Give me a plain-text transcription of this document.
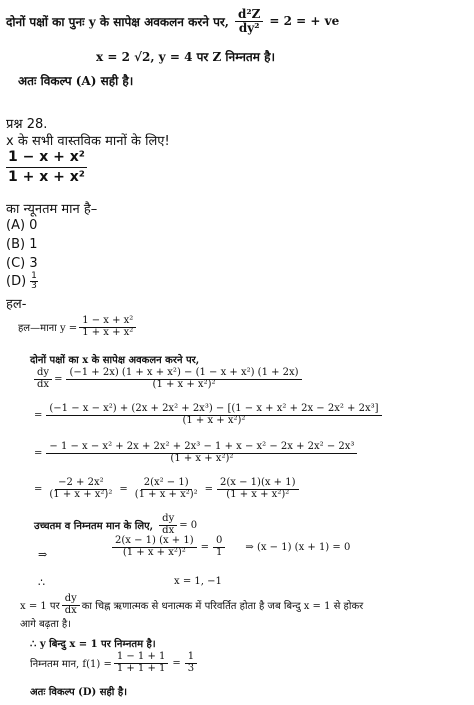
दोनों पक्षों का पुनः y के सापेक्ष अवकलन करने पर, $\frac{\text{d²Z}}{\text{dy²}} = 2$ = + ve
x = 2 √2, y = 4 पर Z निम्नतम है।
अतः विकल्प (A) सही है।
प्रश्न 28.
x के सभी वास्तविक मानों के लिए!
$\frac{\text{1 − x + x²}}{\text{1 + x + x²}}$
का न्यूनतम मान है–
(A) 0
(B) 1
(C) 3
$(D) \frac{1}{3}$
हल-
हल—माना $y = \frac{\text{1 − x + x²}}{\text{1 + x + x²}}$
दोनों पक्षों का x के सापेक्ष अवकलन करने पर,
$\frac{dy}{dx} = \frac{\text{(−1 + 2x) (1 + x + x²) − (1 − x + x²) (1 + 2x)}}{\text{(1 + x + x²)²}}$
=
(−1 − x − x²) + (2x + 2x² + 2x³) − [(1 − x + x² + 2x − 2x² + 2x³]
(1 + x + x²)²
= $\frac{\text{− 1 − x − x² + 2x + 2x² + 2x³ − 1 + x − x² − 2x + 2x² − 2x³}}{\text{(1 + x + x²)²}}$
= $\frac{\text{−2 + 2x²}}{\text{(1 + x + x²)²}} = \frac{\text{2(x² − 1)}}{\text{(1 + x + x²)²}} = \frac{2(x - 1)(x + 1)}{\text{(1 + x + x²)²}}$
उच्चतम व निम्नतम मान के लिए, $\frac{dy}{dx} = 0$
⇒	$\frac{2(x - 1) (x + 1)}{\text{(1 + x + x²)²}} = \frac{0}{1}$ ⇒ (x − 1) (x + 1) = 0
∴	x = 1, −1
x = 1 पर $\frac{dy}{dx}$ का चिह्न ऋणात्मक से धनात्मक में परिवर्तित होता है जब बिन्दु x = 1 से होकर
आगे बढ़ता है।
∴ y बिन्दु x = 1 पर निम्नतम है।
निम्नतम मान, $f(1) = \frac{1 - 1 + 1}{1 + 1 + 1} = \frac{1}{3}$
अतः विकल्प (D) सही है।
